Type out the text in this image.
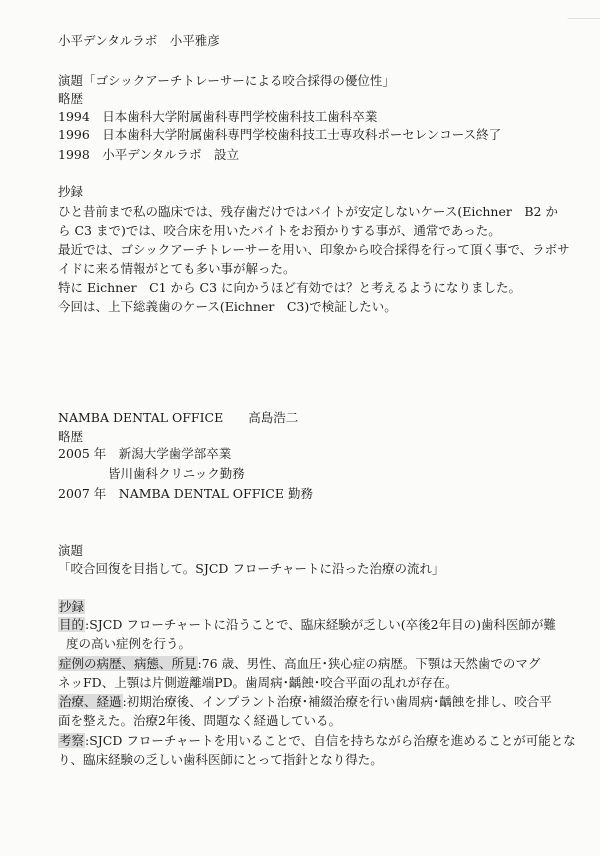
小平デンタルラボ　小平雅彦
演題「ゴシックアーチトレーサーによる咬合採得の優位性」
略歴
1994　日本歯科大学附属歯科専門学校歯科技工歯科卒業
1996　日本歯科大学附属歯科専門学校歯科技工士専攻科ポーセレンコース終了
1998　小平デンタルラボ　設立
抄録
ひと昔前まで私の臨床では、残存歯だけではバイトが安定しないケース(Eichner　B2 か
ら C3 まで)では、咬合床を用いたバイトをお預かりする事が、通常であった。
最近では、ゴシックアーチトレーサーを用い、印象から咬合採得を行って頂く事で、ラボサ
イドに来る情報がとても多い事が解った。
特に Eichner　C1 から C3 に向かうほど有効では？と考えるようになりました。
今回は、上下総義歯のケース(Eichner　C3)で検証したい。
NAMBA DENTAL OFFICE　　高島浩二
略歴
2005 年　新潟大学歯学部卒業
皆川歯科クリニック勤務
2007 年　NAMBA DENTAL OFFICE 勤務
演題
「咬合回復を目指して。SJCD フローチャートに沿った治療の流れ」
抄録
目的:SJCD フローチャートに沿うことで、臨床経験が乏しい(卒後2年目の)歯科医師が難
度の高い症例を行う。
症例の病歴、病態、所見:76 歳、男性、高血圧･狭心症の病歴。下顎は天然歯でのマグ
ネッFD、上顎は片側遊離端PD。歯周病･齲蝕･咬合平面の乱れが存在。
治療、経過:初期治療後、インプラント治療･補綴治療を行い歯周病･齲蝕を排し、咬合平
面を整えた。治療2年後、問題なく経過している。
考察:SJCD フローチャートを用いることで、自信を持ちながら治療を進めることが可能とな
り、臨床経験の乏しい歯科医師にとって指針となり得た。
